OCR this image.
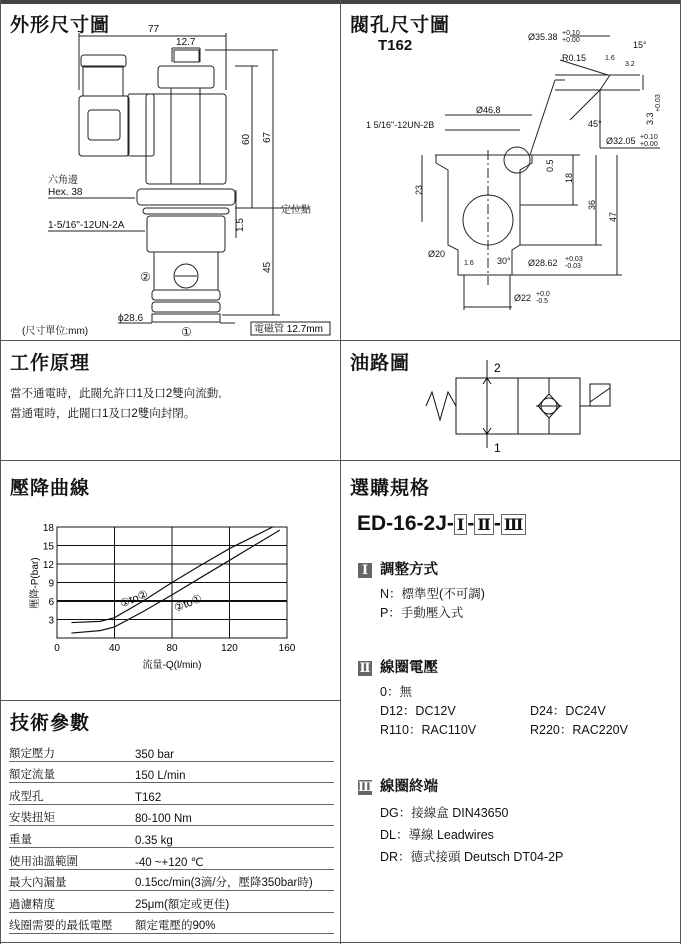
外形尺寸圖	77
12.7
60 67
1.5
45
六角邊
Hex. 38
1-5/16"-12UN-2A
定位點
②
①
ϕ28.6
(尺寸單位:mm)	電磁管 12.7mm
閥孔尺寸圖
T162	Ø35.38 +0.10
+0.00
R0.15	1.6
15°
3.2
3.3
+0.03
45°
Ø32.05 +0.10
+0.00
Ø46.8
1 5/16"-12UN-2B
0.5
18
23
36
47
Ø20
1.6	30° Ø28.62 +0.03
-0.03
Ø22 +0.0
-0.5
工作原理
當不通電時，此閥允許口1及口2雙向流動,
當通電時，此閥口1及口2雙向封閉。
油路圖	2
1
壓降曲線
0	40	80	120	160
3
6
9
12
15
18
①to② ②to①
流量-Q(l/min)
壓降-P(bar)
技術參數
額定壓力	350 bar
額定流量	150 L/min
成型孔	T162
安裝扭矩	80-100 Nm
重量	0.35 kg
使用油溫範圍	-40 ~+120 ℃
最大內漏量	0.15cc/min(3滴/分，壓降350bar時)
過濾精度	25μm(額定或更佳)
线圈需要的最低電壓	額定電壓的90%
選購規格
ED-16-2J- Ⅰ - Ⅱ - Ⅲ
Ⅰ 調整方式
N：標準型(不可調)
P：手動壓入式
Ⅱ 線圈電壓
0：無
D12：DC12V	D24：DC24V
R110：RAC110V	R220：RAC220V
Ⅲ 線圈終端
DG：接線盒 DIN43650
DL：導線 Leadwires
DR：德式接頭 Deutsch DT04-2P
